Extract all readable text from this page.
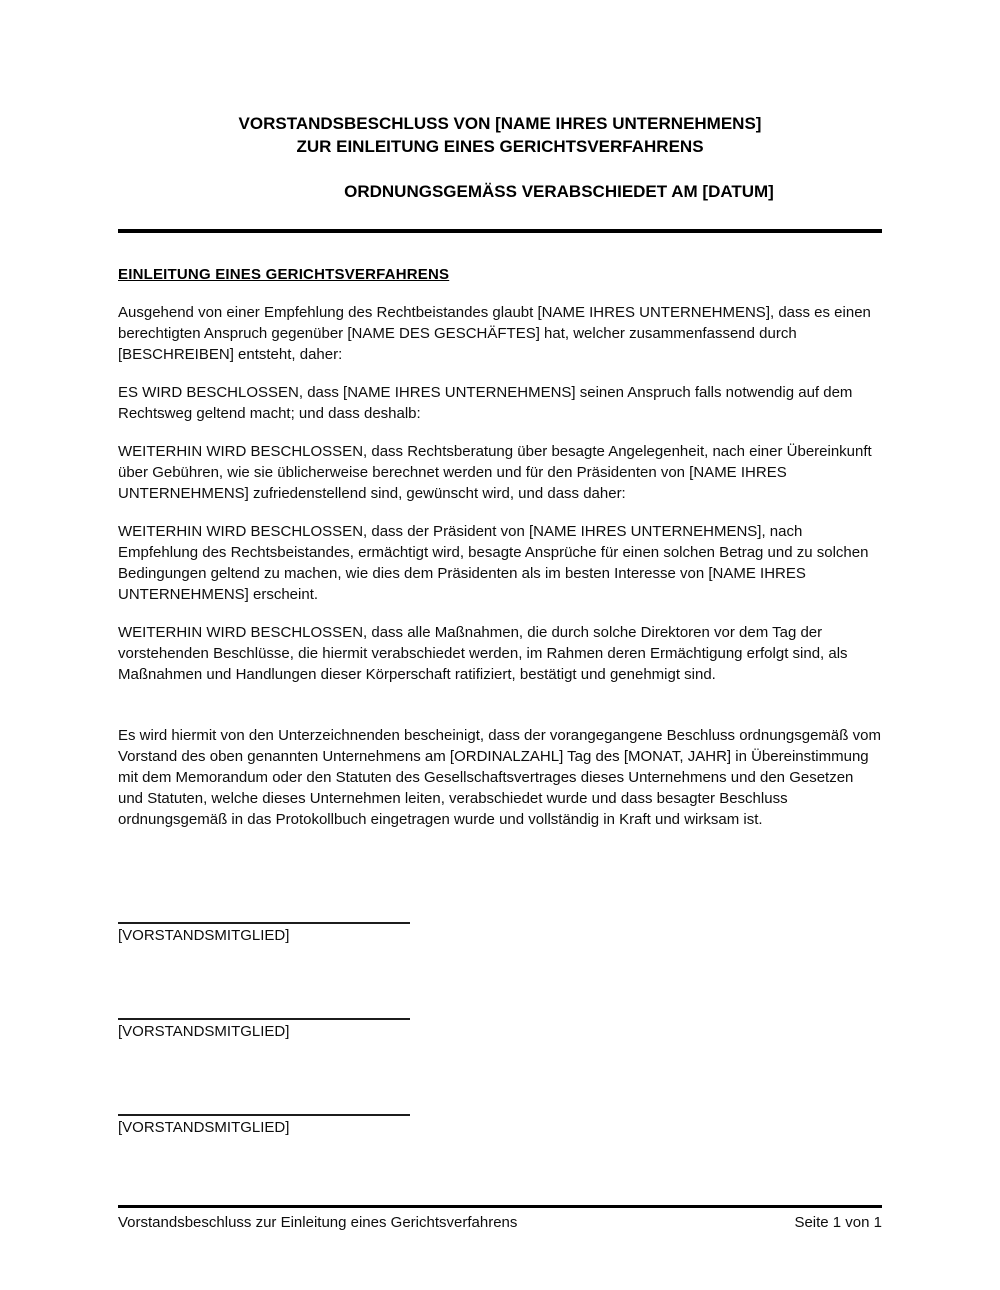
VORSTANDSBESCHLUSS VON [NAME IHRES UNTERNEHMENS]
ZUR EINLEITUNG EINES GERICHTSVERFAHRENS
ORDNUNGSGEMÄSS VERABSCHIEDET AM [DATUM]
EINLEITUNG EINES GERICHTSVERFAHRENS

Ausgehend von einer Empfehlung des Rechtbeistandes glaubt [NAME IHRES UNTERNEHMENS], dass es einen berechtigten Anspruch gegenüber [NAME DES GESCHÄFTES] hat, welcher zusammenfassend durch [BESCHREIBEN] entsteht, daher:

ES WIRD BESCHLOSSEN, dass [NAME IHRES UNTERNEHMENS] seinen Anspruch falls notwendig auf dem Rechtsweg geltend macht; und dass deshalb:

WEITERHIN WIRD BESCHLOSSEN, dass Rechtsberatung über besagte Angelegenheit, nach einer Übereinkunft über Gebühren, wie sie üblicherweise berechnet werden und für den Präsidenten von [NAME IHRES UNTERNEHMENS] zufriedenstellend sind, gewünscht wird, und dass daher:

WEITERHIN WIRD BESCHLOSSEN, dass der Präsident von [NAME IHRES UNTERNEHMENS], nach Empfehlung des Rechtsbeistandes, ermächtigt wird, besagte Ansprüche für einen solchen Betrag und zu solchen Bedingungen geltend zu machen, wie dies dem Präsidenten als im besten Interesse von [NAME IHRES UNTERNEHMENS] erscheint.

WEITERHIN WIRD BESCHLOSSEN, dass alle Maßnahmen, die durch solche Direktoren vor dem Tag der vorstehenden Beschlüsse, die hiermit verabschiedet werden, im Rahmen deren Ermächtigung erfolgt sind, als Maßnahmen und Handlungen dieser Körperschaft ratifiziert, bestätigt und genehmigt sind.

Es wird hiermit von den Unterzeichnenden bescheinigt, dass der vorangegangene Beschluss ordnungsgemäß vom Vorstand des oben genannten Unternehmens am [ORDINALZAHL] Tag des [MONAT, JAHR] in Übereinstimmung mit dem Memorandum oder den Statuten des Gesellschaftsvertrages dieses Unternehmens und den Gesetzen und Statuten, welche dieses Unternehmen leiten, verabschiedet wurde und dass besagter Beschluss ordnungsgemäß in das Protokollbuch eingetragen wurde und vollständig in Kraft und wirksam ist.

[VORSTANDSMITGLIED]
[VORSTANDSMITGLIED]
[VORSTANDSMITGLIED]
Vorstandsbeschluss zur Einleitung eines Gerichtsverfahrens	Seite 1 von 1
